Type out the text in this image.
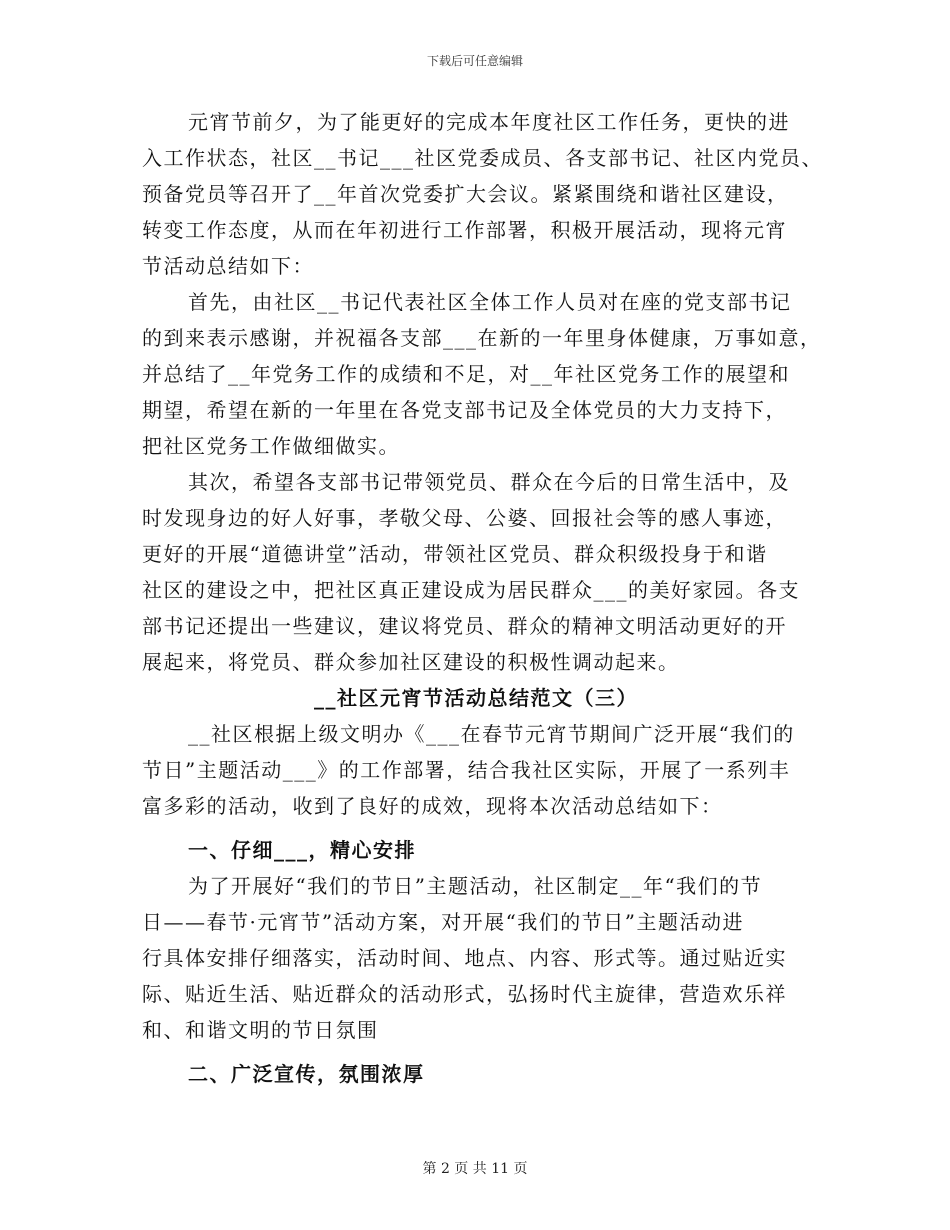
下载后可任意编辑

元宵节前夕，为了能更好的完成本年度社区工作任务，更快的进
入工作状态，社区__书记___社区党委成员、各支部书记、社区内党员、
预备党员等召开了__年首次党委扩大会议。紧紧围绕和谐社区建设，
转变工作态度，从而在年初进行工作部署，积极开展活动，现将元宵
节活动总结如下：

首先，由社区__书记代表社区全体工作人员对在座的党支部书记
的到来表示感谢，并祝福各支部___在新的一年里身体健康，万事如意，
并总结了__年党务工作的成绩和不足，对__年社区党务工作的展望和
期望，希望在新的一年里在各党支部书记及全体党员的大力支持下，
把社区党务工作做细做实。

其次，希望各支部书记带领党员、群众在今后的日常生活中，及
时发现身边的好人好事，孝敬父母、公婆、回报社会等的感人事迹，
更好的开展“道德讲堂”活动，带领社区党员、群众积级投身于和谐
社区的建设之中，把社区真正建设成为居民群众___的美好家园。各支
部书记还提出一些建议，建议将党员、群众的精神文明活动更好的开
展起来，将党员、群众参加社区建设的积极性调动起来。

__社区元宵节活动总结范文（三）

__社区根据上级文明办《___在春节元宵节期间广泛开展“我们的
节日”主题活动___》的工作部署，结合我社区实际，开展了一系列丰
富多彩的活动，收到了良好的成效，现将本次活动总结如下：

一、仔细___，精心安排

为了开展好“我们的节日”主题活动，社区制定__年“我们的节
日——春节·元宵节”活动方案，对开展“我们的节日”主题活动进
行具体安排仔细落实，活动时间、地点、内容、形式等。通过贴近实
际、贴近生活、贴近群众的活动形式，弘扬时代主旋律，营造欢乐祥
和、和谐文明的节日氛围

二、广泛宣传，氛围浓厚

第 2 页 共 11 页
